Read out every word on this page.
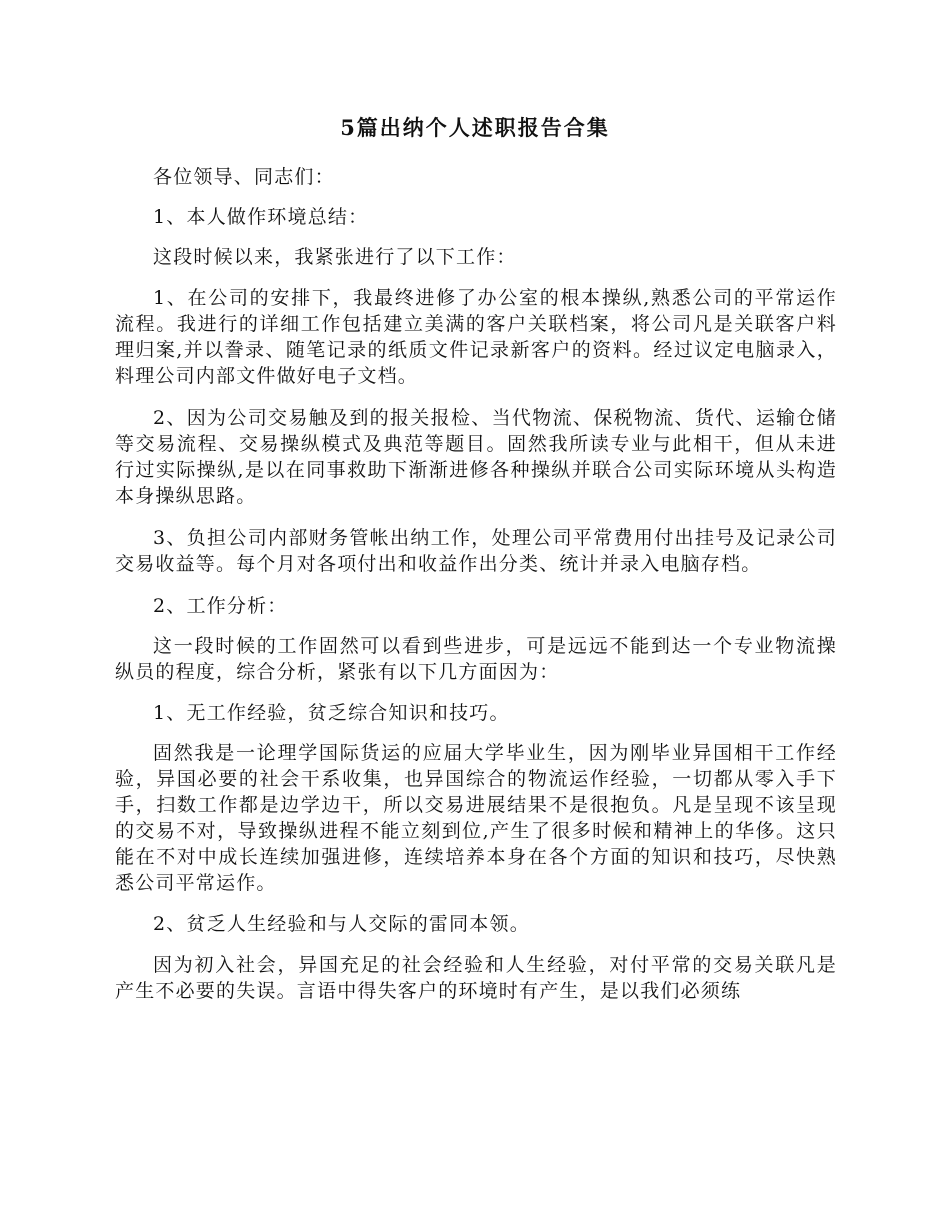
5篇出纳个人述职报告合集

各位领导、同志们：

1、本人做作环境总结：

这段时候以来，我紧张进行了以下工作：

1、在公司的安排下，我最终进修了办公室的根本操纵,熟悉公司的平常运作流程。我进行的详细工作包括建立美满的客户关联档案，将公司凡是关联客户料理归案,并以誊录、随笔记录的纸质文件记录新客户的资料。经过议定电脑录入，料理公司内部文件做好电子文档。

2、因为公司交易触及到的报关报检、当代物流、保税物流、货代、运输仓储等交易流程、交易操纵模式及典范等题目。固然我所读专业与此相干，但从未进行过实际操纵,是以在同事救助下渐渐进修各种操纵并联合公司实际环境从头构造本身操纵思路。

3、负担公司内部财务管帐出纳工作，处理公司平常费用付出挂号及记录公司交易收益等。每个月对各项付出和收益作出分类、统计并录入电脑存档。

2、工作分析：

这一段时候的工作固然可以看到些进步，可是远远不能到达一个专业物流操纵员的程度，综合分析，紧张有以下几方面因为：

1、无工作经验，贫乏综合知识和技巧。

固然我是一论理学国际货运的应届大学毕业生，因为刚毕业异国相干工作经验，异国必要的社会干系收集，也异国综合的物流运作经验，一切都从零入手下手，扫数工作都是边学边干，所以交易进展结果不是很抱负。凡是呈现不该呈现的交易不对，导致操纵进程不能立刻到位,产生了很多时候和精神上的华侈。这只能在不对中成长连续加强进修，连续培养本身在各个方面的知识和技巧，尽快熟悉公司平常运作。

2、贫乏人生经验和与人交际的雷同本领。

因为初入社会，异国充足的社会经验和人生经验，对付平常的交易关联凡是产生不必要的失误。言语中得失客户的环境时有产生，是以我们必须练
